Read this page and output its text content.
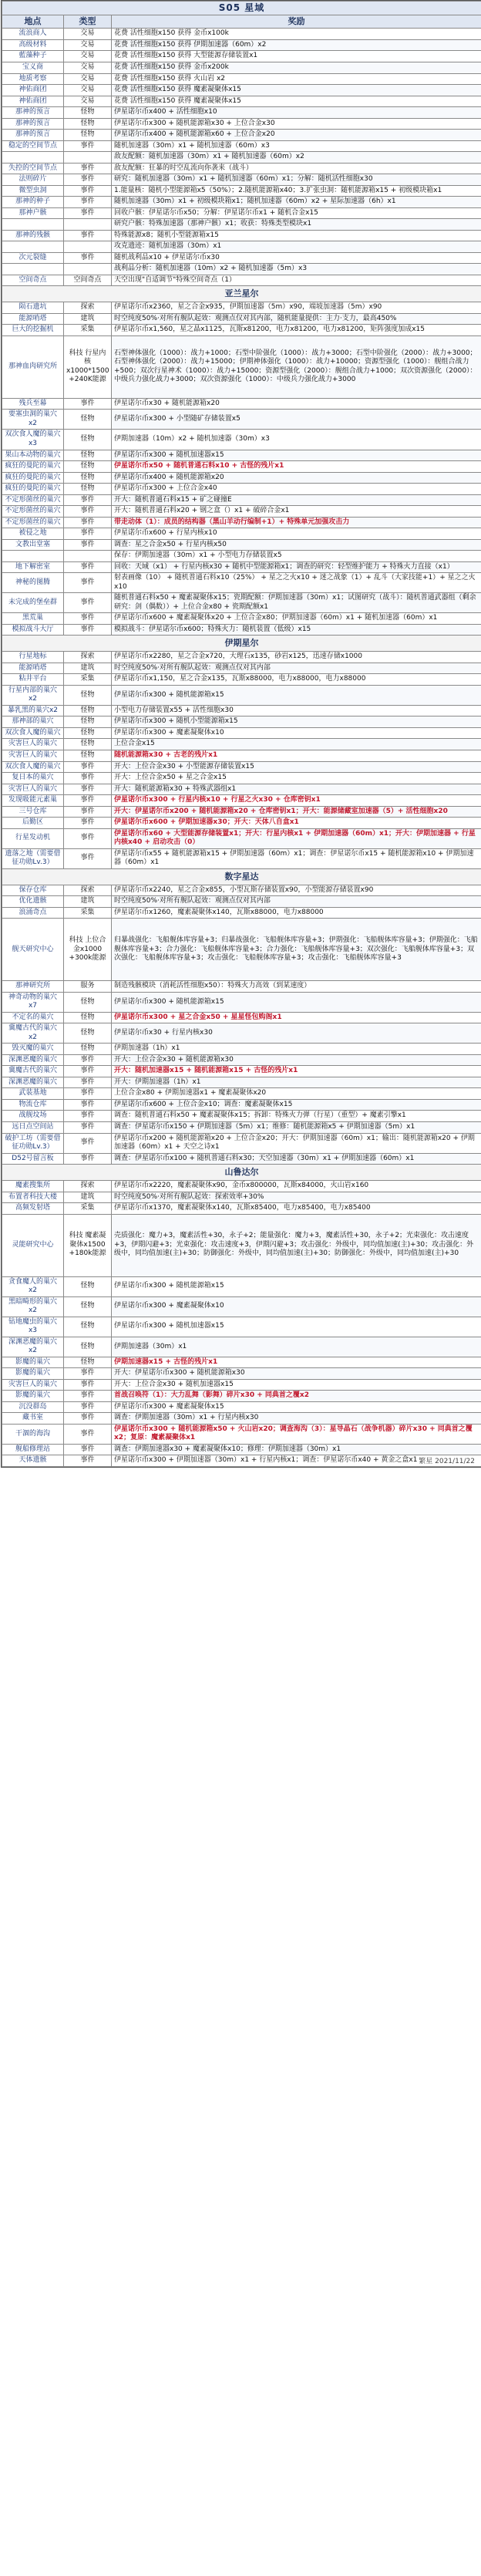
S05 星域		
地点	类型	奖励
流浪商人	交易	花费 活性细胞x150 获得 金币x100k
高级材料	交易	花费 活性细胞x150 获得 伊期加速器（60m）x2
藍藻种子	交易	花费 活性细胞x150 获得 大型能源存储装置x1
宝义商	交易	花费 活性细胞x150 获得 金币x200k
地质考察	交易	花费 活性细胞x150 获得 火山岩 x2
神佑商团	交易	花费 活性细胞x150 获得 魔素凝聚体x15
神佑商团	交易	花费 活性细胞x150 获得 魔素凝聚体x15
那神的预言	怪物	伊星诺尔币x400 + 活性细胞x10
那神的预言	怪物	伊星诺尔币x300 + 随机能源箱x30 + 上位合金x30
那神的预言	怪物	伊星诺尔币x400 + 随机能源箱x60 + 上位合金x20
稳定的空间节点	事件	随机加速器（30m）x1 + 随机加速器（60m）x3
		敌友配额：随机加速器（30m）x1 + 随机加速器（60m）x2
失控的空间节点	事件	敌友配额：狂暴的时空乱流向你袭来（战斗）
法则碎片	事件	研究：随机加速器（30m）x1 + 随机加速器（60m）x1；分解：随机活性细胞x30
微型虫洞	事件	1.能量核：随机小型能源箱x5（50%）；2.随机能源箱x40；3.扩张虫洞：随机能源箱x15 + 初级模块箱x1
那神的种子	事件	随机加速器（30m）x1 + 初级模块箱x1；随机加速器（60m）x2 + 星际加速器（6h）x1
那神户骸	事件	回收户骸：伊星诺尔币x50；分解：伊星诺尔币x1 + 随机合金x15
		研究户骸：特殊加速器（那神户骸）x1；收获：特殊类型模块x1
那神的残骸	事件	特殊能源x8；随机小型能源箱x15
		攻克遗迹：随机加速器（30m）x1
次元裂缝	事件	随机战利品x10 + 伊星诺尔币x30
		战利品分析：随机加速器（10m）x2 + 随机加速器（5m）x3
空间奇点	空间奇点	天空出现"自适调节"特殊空间奇点（1）
亚兰星尔		
陨石遗坑	探索	伊星诺尔币x2360，星之合金x935，伊期加速器（5m）x90，端坡加速器（5m）x90
能源哨塔	建筑	时空纯度50%·对所有舰队起效：观测点仅对其内部，随机能量提供：主力·支力，最高450%
巨大的挖掘机	采集	伊星诺尔币x1,560，星之晶x1125，瓦斯x81200，电力x81200，电力x81200，矩阵强度加成x15
那神血肉研究所	科技 行星内核x1000*1500 +240K能源	石型神体强化（1000）：战力+1000；石型中阶强化（1000）：战力+3000；石型中阶强化（2000）：战力+3000；石型神体强化（2000）：战力+15000；伊期神体强化（1000）：战力+10000；资源型强化（1000）：舰组合战力+500；双次行星神术（1000）：战力+15000；资源型强化（2000）：舰组合战力+1000；双次资源强化（2000）：中级兵力强化战力+3000；双次资源强化（1000）：中级兵力强化战力+3000
残兵至幕	事件	伊星诺尔币x30 + 随机能源箱x20
要塞虫洞的巢穴x2	怪物	伊星诺尔币x300 + 小型随矿存储装置x5
双次食人魔的巢穴x3	怪物	伊期加速器（10m）x2 + 随机加速器（30m）x3
果山本动物的巢穴	怪物	伊星诺尔币x300 + 随机加速器x15
疯狂的曼陀的巢穴	怪物	伊星诺尔币x50 + 随机普通石料x10 + 古怪的残片x1
疯狂的曼陀的巢穴	怪物	伊星诺尔币x400 + 随机能源箱x20
疯狂的曼陀的巢穴	怪物	伊星诺尔币x300 + 上位合金x40
不定形菌丝的巢穴	事件	开大：随机普通石料x15 + 矿之碰撞E
不定形菌丝的巢穴	事件	开大：随机普通石料x20 + 钢之盒（）x1 + 破碎合金x1
不定形菌丝的巢穴	事件	带走动体（1）：成员的结构器（黑山羊动行编制+1）+ 特殊单元加强攻击力
被侵之地	事件	伊星诺尔币x600 + 行星内核x10
文教出堂塞	事件	调查：星之合金x50 + 行星内核x50
		保存：伊期加速器（30m）x1 + 小型电力存储装置x5
地下解密室	事件	回收：天域（x1） + 行星内核x30 + 随机中型能源箱x1；调查的研究：轻型维护能力 + 特殊火力直接（x1）
神秘的图腾	事件	射表画像（10） + 随机普通石料x10（25%） + 星之之火x10 + 迷之战象（1）+ 乱斗（大家技能+1）+ 星之之火x10
未完成的堡垒群	事件	随机普通石料x50 + 魔素凝聚体x15；瓷期配额：伊期加速器（30m）x1；试图研究（战斗）：随机普通武器组（剩余研究：剑（偶数））+ 上位合金x80 + 瓷期配额x1
黑荒巢	事件	伊星诺尔币x600 + 魔素凝聚体x20 + 上位合金x80；伊期加速器（60m）x1 + 随机加速器（60m）x1
模拟战斗大厅	事件	模拟战斗：伊星诺尔币x600；特殊火力：随机装置（低级）x15
伊期星尔		
行星地标	探索	伊星诺尔币x2280，星之合金x720，大理石x135，砂岩x125，迅速存储x1000
能源哨塔	建筑	时空纯度50%·对所有舰队起效：观测点仅对其内部
粘井平台	采集	伊星诺尔币x1,150，星之合金x135，瓦斯x88000，电力x88000，电力x88000
行星内部的巢穴x2	怪物	伊星诺尔币x300 + 随机能源箱x15
暴乳黑的巢穴x2	怪物	小型电力存储装置x55 + 活性细胞x30
那神部的巢穴	怪物	伊星诺尔币x300 + 随机小型能源箱x15
双次食人魔的巢穴	怪物	伊星诺尔币x300 + 魔素凝聚体x10
灾害巨人的巢穴	怪物	上位合金x15
灾害巨人的巢穴	怪物	随机能源箱x30 + 古老的残片x1
双次食人魔的巢穴	事件	开大：上位合金x30 + 小型能源存储装置x15
复日本的巢穴	事件	开大：上位合金x50 + 星之合金x15
灾害巨人的巢穴	事件	开大：随机能源箱x30 + 特殊武器组x1
发现吸能元素巢	事件	伊星诺尔币x300 + 行星内核x10 + 行星之火x30 + 仓库密钥x1
三号仓库	事件	开大：伊星诺尔币x200 + 随机能源箱x20 + 仓库密钥x1；开大：能源储藏室加速器（5）+ 活性细胞x20
后勤区	事件	伊星诺尔币x600 + 伊期加速器x30；开大：天体八自盒x1
行星发动机	事件	伊星诺尔币x60 + 大型能源存储装置x1；开大：行星内核x1 + 伊期加速器（60m）x1；开大：伊期加速器 + 行星内核x40 + 启动攻击（0）
遗落之地（需要借征功勋Lv.3）	事件	伊星诺尔币x55 + 随机能源箱x15 + 伊期加速器（60m）x1；调查：伊星诺尔币x15 + 随机能源箱x10 + 伊期加速器（60m）x1
数字星达		
保存仓库	探索	伊星诺尔币x2240，星之合金x855，小型瓦斯存储装置x90，小型能源存储装置x90
优化遗骸	建筑	时空纯度50%·对所有舰队起效：观测点仅对其内部
浪涌奇点	采集	伊星诺尔币x1260，魔素凝聚体x140，瓦斯x88000，电力x88000
舰天研究中心	科技 上位合金x1000 +300k能源	归暴战强化：飞船舰体库容量+3；归暴战强化：飞船舰体库容量+3；伊期强化：飞船舰体库容量+3；伊期强化：飞船舰体库容量+3；合力强化：飞船舰体库容量+3；合力强化：飞船舰体库容量+3；双次强化：飞船舰体库容量+3；双次强化：飞船舰体库容量+3；攻击强化：飞船舰体库容量+3；攻击强化：飞船舰体库容量+3
那神研究所	服务	制造残骸模块（消耗活性细胞x50）：特殊火力高效（到某速度）
神奇动物的巢穴x7	怪物	伊星诺尔币x300 + 随机能源箱x15
不定名的巢穴	怪物	伊星诺尔币x300 + 星之合金x50 + 星星怪包购阁x1
冀魔古代的巢穴x2	怪物	伊星诺尔币x30 + 行星内核x30
毁灭魔的巢穴	怪物	伊期加速器（1h）x1
深渊恶魔的巢穴	事件	开大：上位合金x30 + 随机能源箱x30
冀魔古代的巢穴	事件	开大：随机加速器x15 + 随机能源箱x15 + 古怪的残片x1
深渊恶魔的巢穴	事件	开大：伊期加速器（1h）x1
武装基地	事件	上位合金x80 + 伊期加速器x1 + 魔素凝聚体x20
物流仓库	事件	伊星诺尔币x600 + 上位合金x10；调查：魔素凝聚体x15
战舰坟场	事件	调查：随机普通石料x50 + 魔素凝聚体x15；拆卸：特殊火力弹（行星）（重型）+ 魔素引擎x1
远日点空间站	事件	调查：伊星诺尔币x150 + 伊期加速器（5m）x1；维修：随机能源箱x5 + 伊期加速器（5m）x1
破护工坊（需要借征功勋Lv.3）	事件	伊星诺尔币x200 + 随机能源箱x20 + 上位合金x20；开大：伊期加速器（60m）x1；输出：随机能源箱x20 + 伊期加速器（60m）x1 + 天空之诗x1
D52号留言板	事件	调查：伊星诺尔币x100 + 随机普通石料x30；天空加速器（30m）x1 + 伊期加速器（60m）x1
山鲁达尔		
魔素搜集所	探索	伊星诺尔币x2220，魔素凝聚体x90，金币x800000，瓦斯x84000，火山岩x160
布置者科技大楼	建筑	时空纯度50%·对所有舰队起效：探索效率+30%
高频发射塔	采集	伊星诺尔币x1370，魔素凝聚体x140，瓦斯x85400，电力x85400，电力x85400
灵能研究中心	科技 魔素凝聚体x1500 +180k能源	壳质强化：魔力+3，魔素活性+30，永子+2；能量强化：魔力+3，魔素活性+30，永子+2；光束强化：攻击速度+3，伊期闪避+3；光束强化：攻击速度+3，伊期闪避+3；攻击强化：外级中，同均值加速(主)+30；攻击强化：外级中，同均值加速(主)+30；防御强化：外级中，同均值加速(主)+30；防御强化：外级中，同均值加速(主)+30
贪食魔人的巢穴x2	怪物	伊星诺尔币x300 + 随机能源箱x15
黑暗畸形的巢穴x2	怪物	伊星诺尔币x300 + 魔素凝聚体x10
钻地魔虫的巢穴x3	怪物	伊星诺尔币x300 + 随机加速器x15
深渊恶魔的巢穴x2	怪物	伊期加速器（30m）x1
影魔的巢穴	怪物	伊期加速器x15 + 古怪的残片x1
影魔的巢穴	事件	开大：伊星诺尔币x300 + 随机能源箱x30
灾害巨人的巢穴	事件	开大：上位合金x30 + 随机加速器x15
影魔的巢穴	事件	首战召唤符（1）：大力乱舞（影舞）碎片x30 + 同典首之覆x2
沉没群岛	事件	伊星诺尔币x300 + 魔素凝聚体x15
藏书室	事件	调查：伊期加速器（30m）x1 + 行星内核x30
干涸的海沟	事件	伊星诺尔币x300 + 随机能源箱x50 + 火山岩x20；调查海沟（3）：星导晶石（战争机器）碎片x30 + 同典首之覆x2；复原：魔素凝聚体x1
舰船修理站	事件	调查：伊期加速器x30 + 魔素凝聚体x10；修理：伊期加速器（30m）x1
天体遗骸	事件	伊星诺尔币x300 + 伊期加速器（30m）x1 + 行星内核x1；调查：伊星诺尔币x40 + 黄金之盒x1 繁星 2021/11/22
